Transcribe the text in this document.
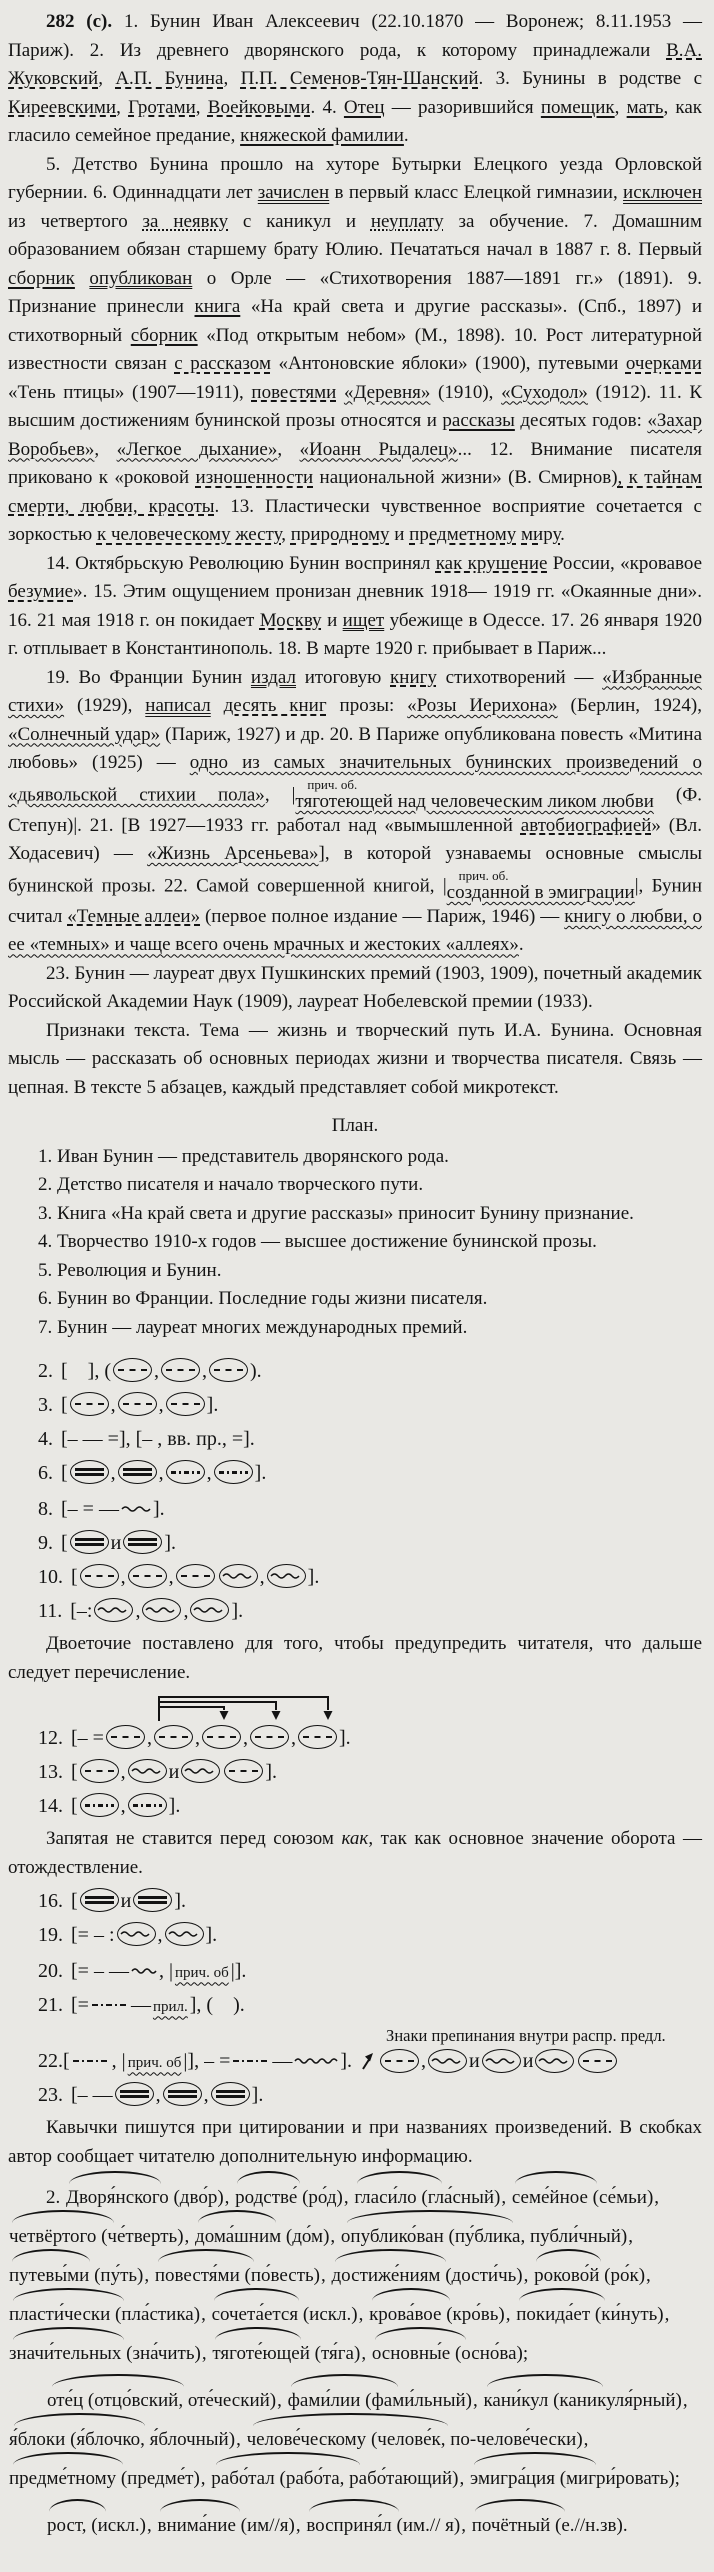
282 (с). 1. Бунин Иван Алексеевич (22.10.1870 — Воронеж; 8.11.1953 — Париж). 2. Из древнего дворянского рода, к которому принадлежали В.А. Жуковский, А.П. Бунина, П.П. Семенов-Тян-Шанский. 3. Бунины в родстве с Киреевскими, Гротами, Воейковыми. 4. Отец — разорившийся помещик, мать, как гласило семейное предание, княжеской фамилии.

5. Детство Бунина прошло на хуторе Бутырки Елецкого уезда Орловской губернии. 6. Одиннадцати лет зачислен в первый класс Елецкой гимназии, исключен из четвертого за неявку с каникул и неуплату за обучение. 7. Домашним образованием обязан старшему брату Юлию. Печататься начал в 1887 г. 8. Первый сборник опубликован о Орле — «Стихотворения 1887—1891 гг.» (1891). 9. Признание принесли книга «На край света и другие рассказы». (Спб., 1897) и стихотворный сборник «Под открытым небом» (М., 1898). 10. Рост литературной известности связан с рассказом «Антоновские яблоки» (1900), путевыми очерками «Тень птицы» (1907—1911), повестями «Деревня» (1910), «Суходол» (1912). 11. К высшим достижениям бунинской прозы относятся и рассказы десятых годов: «Захар Воробьев», «Легкое дыхание», «Иоанн Рыдалец»... 12. Внимание писателя приковано к «роковой изношенности национальной жизни» (В. Смирнов), к тайнам смерти, любви, красоты. 13. Пластически чувственное восприятие сочетается с зоркостью к человеческому жесту, природному и предметному миру.

14. Октябрьскую Революцию Бунин воспринял как крушение России, «кровавое безумие». 15. Этим ощущением пронизан дневник 1918— 1919 гг. «Окаянные дни». 16. 21 мая 1918 г. он покидает Москву и ищет убежище в Одессе. 17. 26 января 1920 г. отплывает в Константинополь. 18. В марте 1920 г. прибывает в Париж...

19. Во Франции Бунин издал итоговую книгу стихотворений — «Избранные стихи» (1929), написал десять книг прозы: «Розы Иерихона» (Берлин, 1924), «Солнечный удар» (Париж, 1927) и др. 20. В Париже опубликована повесть «Митина любовь» (1925) — одно из самых значительных бунинских произведений о «дьявольской стихии пола», | прич. об.
тяготеющей над человеческим ликом любви (Ф. Степун)|. 21. [В 1927—1933 гг. работал над «вымышленной автобиографией» (Вл. Ходасевич) — «Жизнь Арсеньева»], в которой узнаваемы основные смыслы бунинской прозы. 22. Самой совершенной книгой, | прич. об.
созданной в эмиграции|, Бунин считал «Темные аллеи» (первое полное издание — Париж, 1946) — книгу о любви, о ее «темных» и чаще всего очень мрачных и жестоких «аллеях».

23. Бунин — лауреат двух Пушкинских премий (1903, 1909), почетный академик Российской Академии Наук (1909), лауреат Нобелевской премии (1933).

Признаки текста. Тема — жизнь и творческий путь И.А. Бунина. Основная мысль — рассказать об основных периодах жизни и творчества писателя. Связь — цепная. В тексте 5 абзацев, каждый представляет собой микротекст.

План.
1. Иван Бунин — представитель дворянского рода.
2. Детство писателя и начало творческого пути.
3. Книга «На край света и другие рассказы» приносит Бунину признание.
4. Творчество 1910-х годов — высшее достижение бунинской прозы.
5. Революция и Бунин.
6. Бунин во Франции. Последние годы жизни писателя.
7. Бунин — лауреат многих международных премий.
2. [    ], ( , , ).
3. [ , , ].
4. [– — =], [– , вв. пр., =].
6. [ , , , ].
8. [– = — ].
9. [ и ].
10. [ , ,	, ].
11. [–: , , ].

Двоеточие поставлено для того, чтобы предупредить читателя, что дальше следует перечисление.

12. [– = , , , , ].
13. [ , и	].
14. [ , ].

Запятая не ставится перед союзом как, так как основное значение оборота — отождествление.

16. [ и ].
19. [= – : , ].
20. [= – — , | прич. об |].
21. [= — прил. ], (    ).
22.[ , | прич. об |], – = — ].
Знаки препинания внутри распр. предл.
, и и
23. [– — , , ].

Кавычки пишутся при цитировании и при названиях произведений. В скобках автор сообщает читателю дополнительную информацию.

2. Дворя́нского (дво́р), родстве́ (ро́д), гласи́ло (гла́сный), семе́йное (се́мьи), четвёртого (че́тверть), дома́шним (до́м), опублико́ван (пу́блика, публи́чный), путевы́ми (пу́ть), повестя́ми (по́весть), достиже́ниям (дости́чь), роково́й (ро́к), пласти́чески (пла́стика), сочета́ется (искл.), крова́вое (кро́вь), покида́ет (ки́нуть), значи́тельных (зна́чить), тяготе́ющей (тя́га), основны́е (осно́ва);

оте́ц (отцо́вский, оте́ческий), фами́лии (фами́льный), кани́кул (каникуля́рный), я́блоки (я́блочко, я́блочный), челове́ческому (челове́к, по-челове́чески), предме́тному (предме́т), рабо́тал (рабо́та, рабо́тающий), эмигра́ция (мигри́ровать);

рост, (искл.), внима́ние (им//я), восприня́л (им.// я), почётный (е.//н.зв).
